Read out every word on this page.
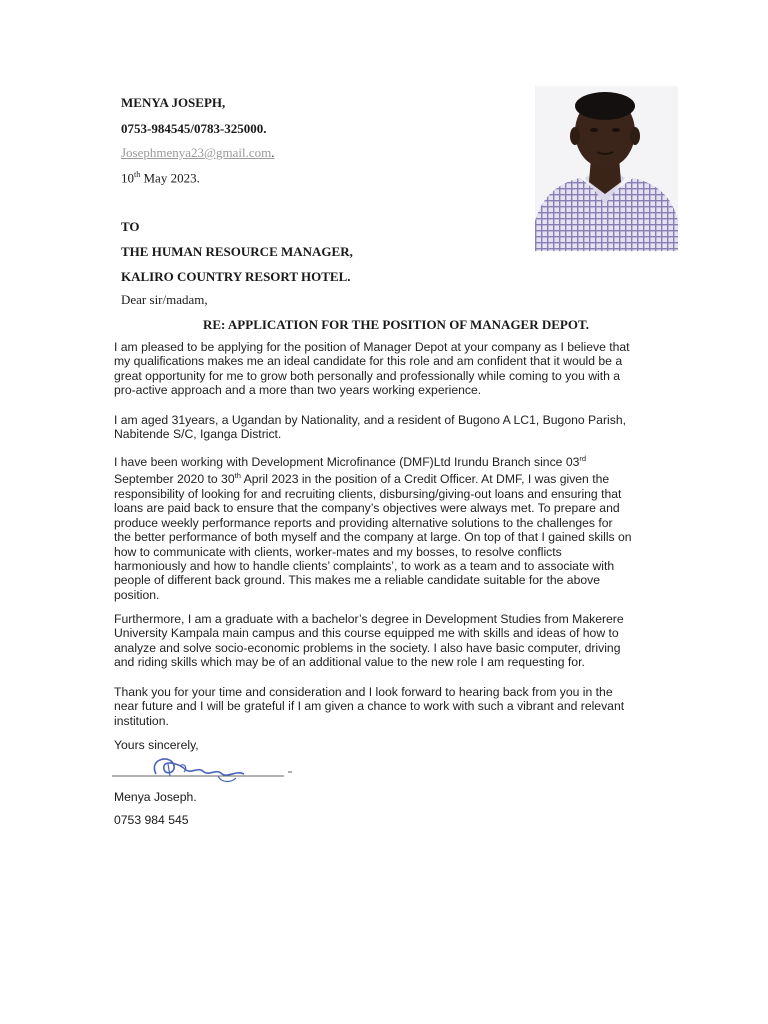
MENYA JOSEPH,
0753-984545/0783-325000.
Josephmenya23@gmail.com.
10th May 2023.
TO
THE HUMAN RESOURCE MANAGER,
KALIRO COUNTRY RESORT HOTEL.
Dear sir/madam,
RE: APPLICATION FOR THE POSITION OF MANAGER DEPOT.
I am pleased to be applying for the position of Manager Depot at your company as I believe that my qualifications makes me an ideal candidate for this role and am confident that it would be a great opportunity for me to grow both personally and professionally while coming to you with a pro-active approach and a more than two years working experience.
I am aged 31years, a Ugandan by Nationality, and a resident of Bugono A LC1, Bugono Parish, Nabitende S/C, Iganga District.
I have been working with Development Microfinance (DMF)Ltd Irundu Branch since 03rd September 2020 to 30th April 2023 in the position of a Credit Officer. At DMF, I was given the responsibility of looking for and recruiting clients, disbursing/giving-out loans and ensuring that loans are paid back to ensure that the company’s objectives were always met. To prepare and produce weekly performance reports and providing alternative solutions to the challenges for the better performance of both myself and the company at large. On top of that I gained skills on how to communicate with clients, worker-mates and my bosses, to resolve conflicts harmoniously and how to handle clients’ complaints’, to work as a team and to associate with people of different back ground. This makes me a reliable candidate suitable for the above position.
Furthermore, I am a graduate with a bachelor’s degree in Development Studies from Makerere University Kampala main campus and this course equipped me with skills and ideas of how to analyze and solve socio-economic problems in the society. I also have basic computer, driving and riding skills which may be of an additional value to the new role I am requesting for.
Thank you for your time and consideration and I look forward to hearing back from you in the near future and I will be grateful if I am given a chance to work with such a vibrant and relevant institution.
Yours sincerely,
Menya Joseph.
0753 984 545
